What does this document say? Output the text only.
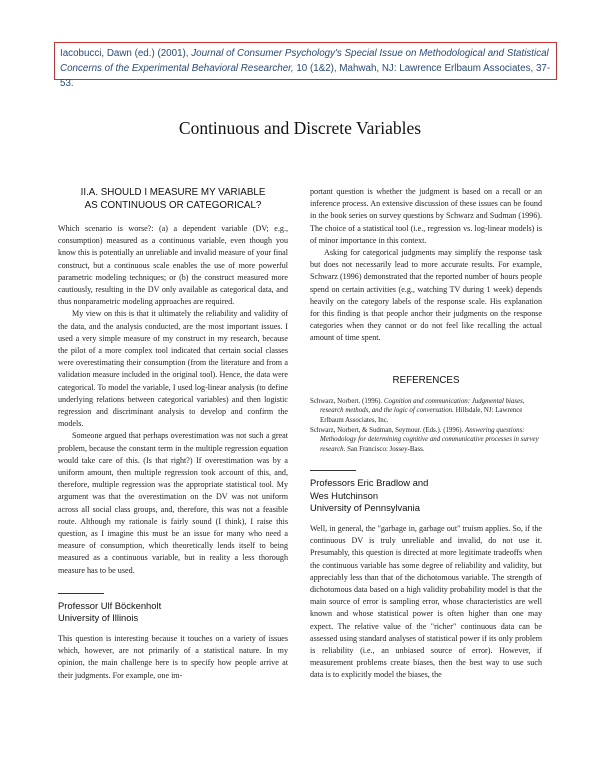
Iacobucci, Dawn (ed.) (2001), Journal of Consumer Psychology's Special Issue on Methodological and Statistical Concerns of the Experimental Behavioral Researcher, 10 (1&2), Mahwah, NJ: Lawrence Erlbaum Associates, 37-53.
Continuous and Discrete Variables
II.A. SHOULD I MEASURE MY VARIABLE
AS CONTINUOUS OR CATEGORICAL?

Which scenario is worse?: (a) a dependent variable (DV; e.g., consumption) measured as a continuous variable, even though you know this is potentially an unreliable and invalid measure of your final construct, but a continuous scale enables the use of more powerful parametric modeling techniques; or (b) the construct measured more cautiously, resulting in the DV only available as categorical data, and thus nonparametric modeling approaches are required.

My view on this is that it ultimately the reliability and validity of the data, and the analysis conducted, are the most important issues. I used a very simple measure of my construct in my research, because the pilot of a more complex tool indicated that certain social classes were overestimating their consumption (from the literature and from a validation measure included in the original tool). Hence, the data were categorical. To model the variable, I used log-linear analysis (to define underlying relations between categorical variables) and then logistic regression and discriminant analysis to develop and confirm the models.

Someone argued that perhaps overestimation was not such a great problem, because the constant term in the multiple regression equation would take care of this. (Is that right?) If overestimation was by a uniform amount, then multiple regression took account of this, and, therefore, multiple regression was the appropriate statistical tool. My argument was that the overestimation on the DV was not uniform across all social class groups, and, therefore, this was not a feasible route. Although my rationale is fairly sound (I think), I raise this question, as I imagine this must be an issue for many who need a measure of consumption, which theoretically lends itself to being measured as a continuous variable, but in reality a less thorough measure has to be used.

Professor Ulf Böckenholt
University of Illinois

This question is interesting because it touches on a variety of issues which, however, are not primarily of a statistical nature. In my opinion, the main challenge here is to specify how people arrive at their judgments. For example, one im-

portant question is whether the judgment is based on a recall or an inference process. An extensive discussion of these issues can be found in the book series on survey questions by Schwarz and Sudman (1996). The choice of a statistical tool (i.e., regression vs. log-linear models) is of minor importance in this context.

Asking for categorical judgments may simplify the response task but does not necessarily lead to more accurate results. For example, Schwarz (1996) demonstrated that the reported number of hours people spend on certain activities (e.g., watching TV during 1 week) depends heavily on the category labels of the response scale. His explanation for this finding is that people anchor their judgments on the response categories when they cannot or do not feel like recalling the actual amount of time spent.

REFERENCES

Schwarz, Norbert. (1996). Cognition and communication: Judgmental biases, research methods, and the logic of conversation. Hillsdale, NJ: Lawrence Erlbaum Associates, Inc.

Schwarz, Norbert, & Sudman, Seymour. (Eds.). (1996). Answering questions: Methodology for determining cognitive and communicative processes in survey research. San Francisco: Jossey-Bass.

Professors Eric Bradlow and
Wes Hutchinson
University of Pennsylvania

Well, in general, the "garbage in, garbage out" truism applies. So, if the continuous DV is truly unreliable and invalid, do not use it. Presumably, this question is directed at more legitimate tradeoffs when the continuous variable has some degree of reliability and validity, but appreciably less than that of the dichotomous variable. The strength of dichotomous data based on a high validity probability model is that the main source of error is sampling error, whose characteristics are well known and whose statistical power is often higher than one may expect. The relative value of the "richer" continuous data can be assessed using standard analyses of statistical power if its only problem is reliability (i.e., an unbiased source of error). However, if measurement problems create biases, then the best way to use such data is to explicitly model the biases, the
